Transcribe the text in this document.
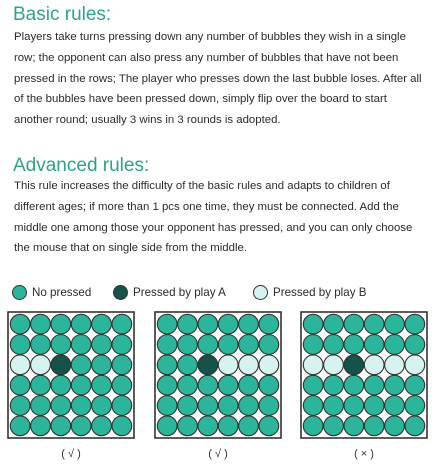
Basic rules:

Players take turns pressing down any number of bubbles they wish in a single row; the opponent can also press any number of bubbles that have not been pressed in the rows; The player who presses down the last bubble loses. After all of the bubbles have been pressed down, simply flip over the board to start another round; usually 3 wins in 3 rounds is adopted.

Advanced rules:

This rule increases the difficulty of the basic rules and adapts to children of different ages; if more than 1 pcs one time, they must be connected. Add the middle one among those your opponent has pressed, and you can only choose the mouse that on single side from the middle.

No pressed	Pressed by play A	Pressed by play B
( √ )	( √ )	( × )
